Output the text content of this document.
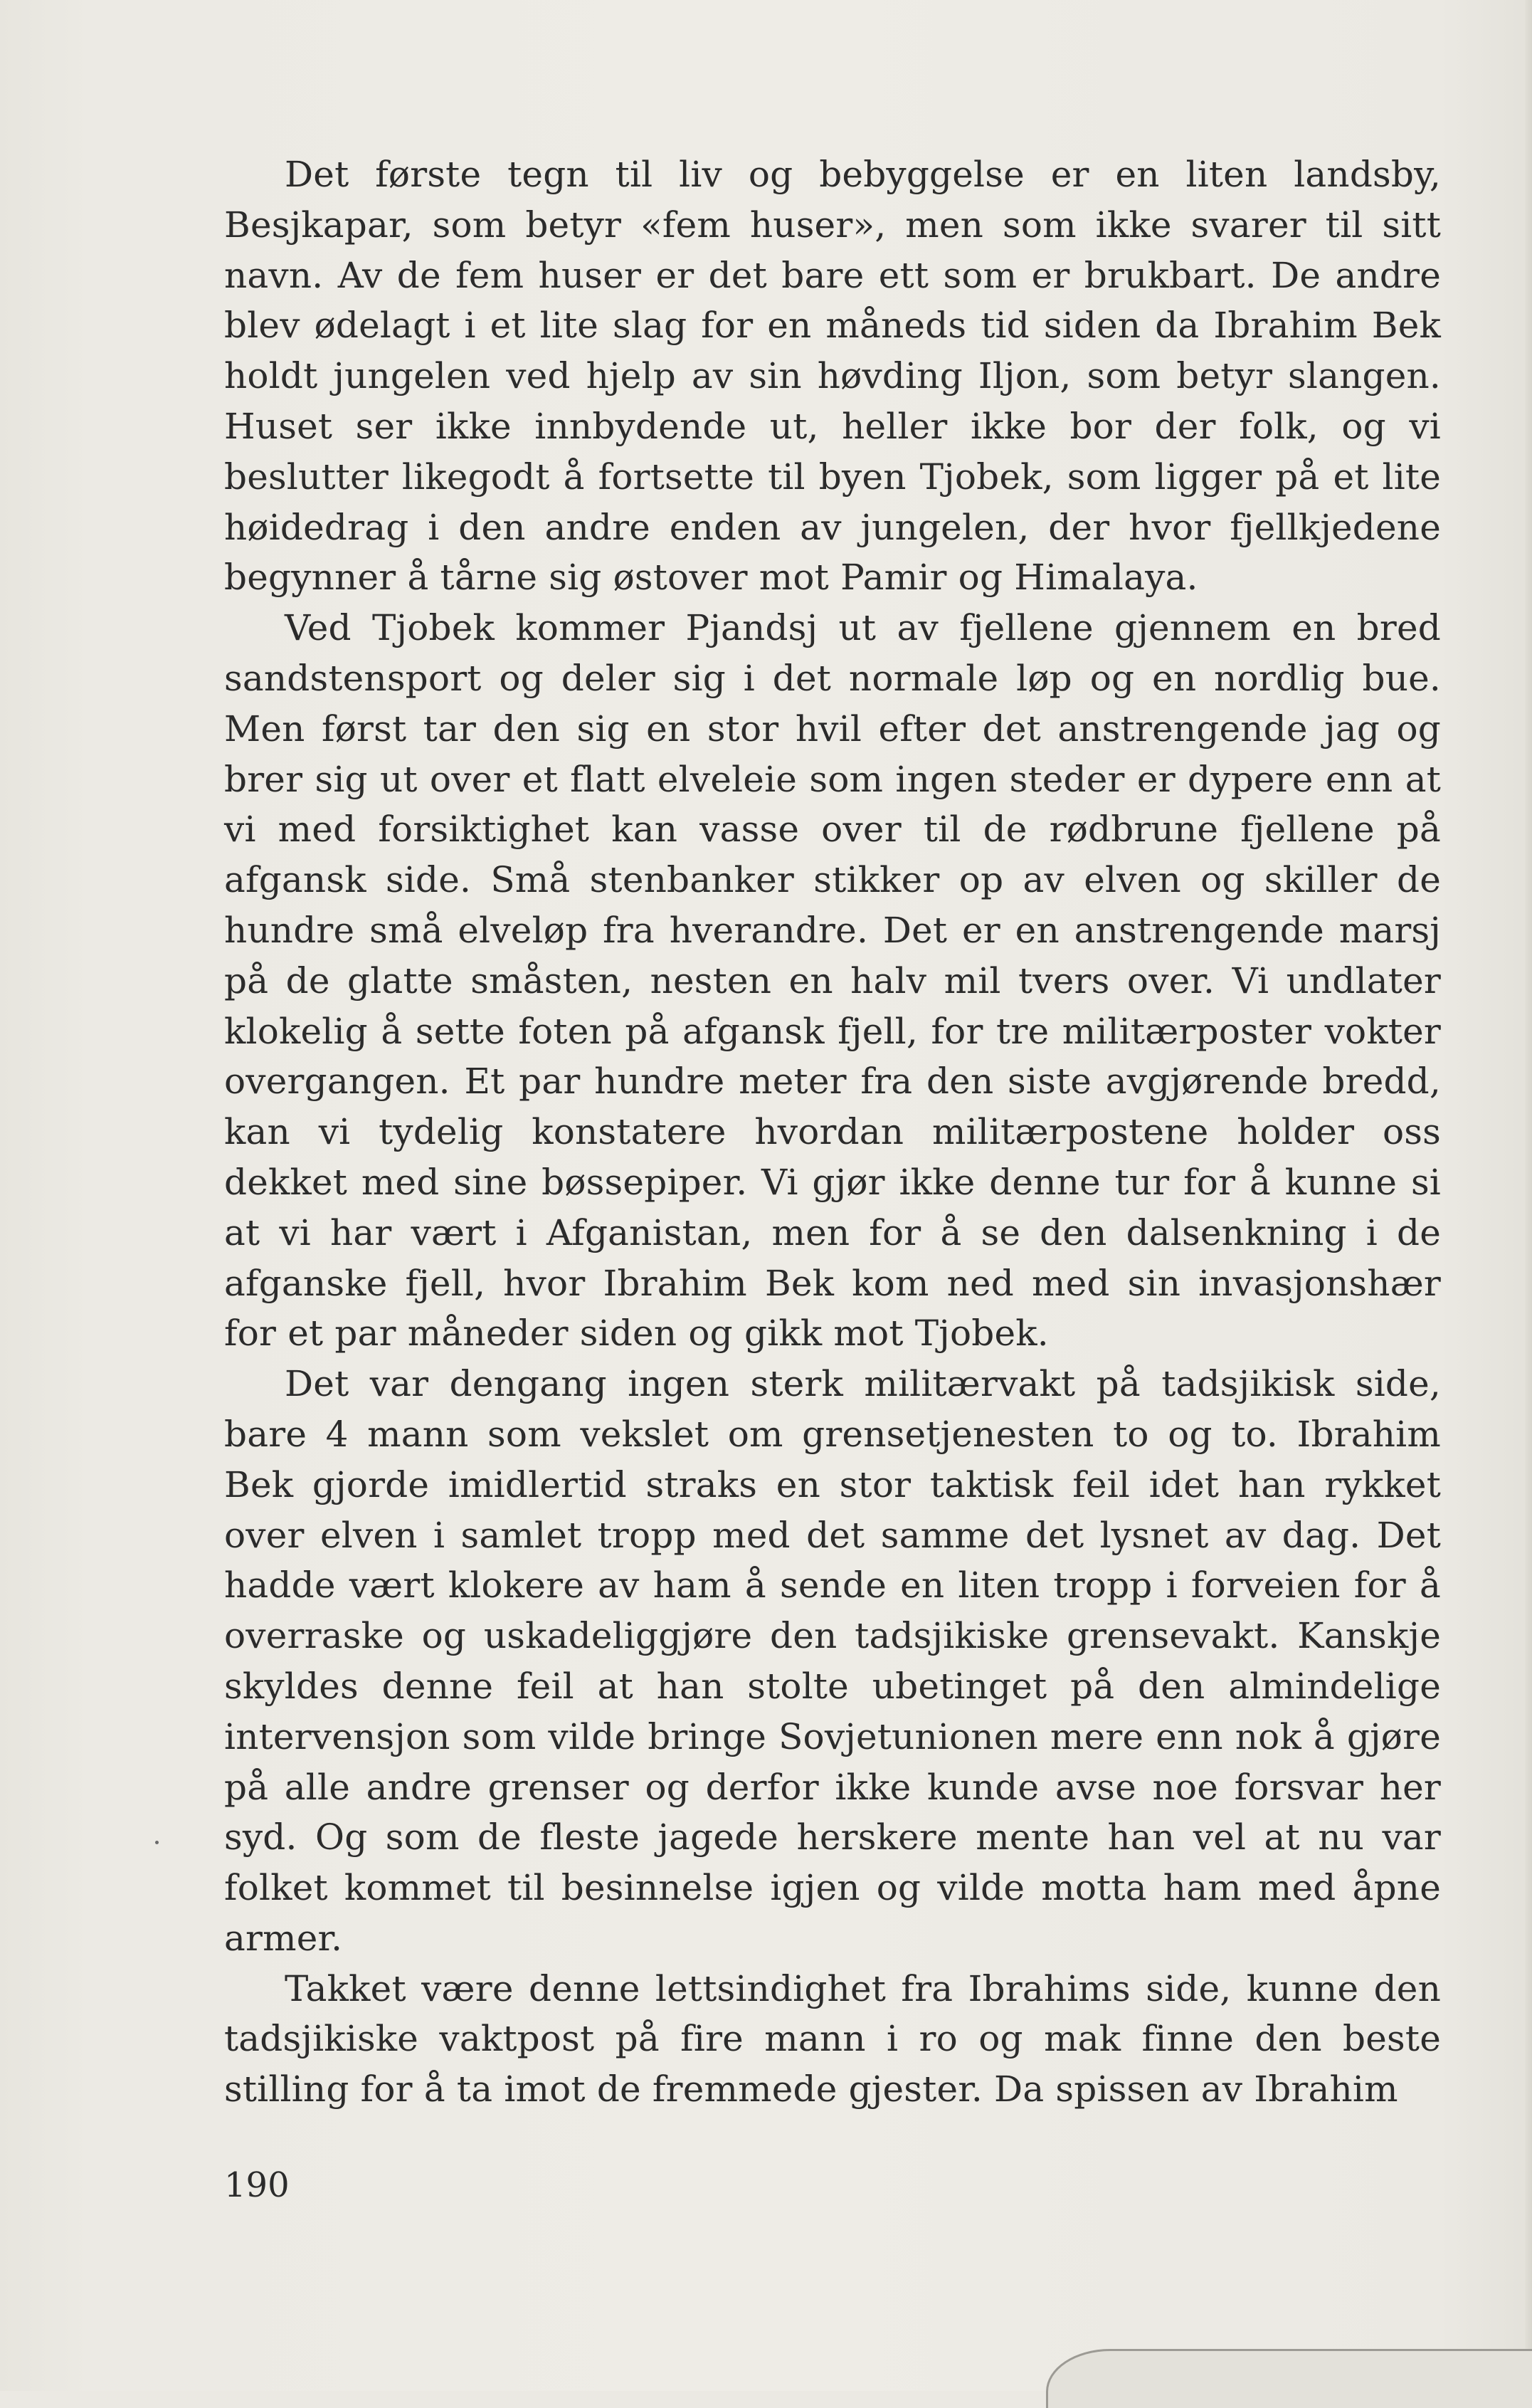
Det første tegn til liv og bebyggelse er en liten landsby, Besjkapar, som betyr «fem huser», men som ikke svarer til sitt navn. Av de fem huser er det bare ett som er brukbart. De andre blev ødelagt i et lite slag for en måneds tid siden da Ibrahim Bek holdt jungelen ved hjelp av sin høvding Iljon, som betyr slangen. Huset ser ikke innbydende ut, heller ikke bor der folk, og vi beslutter likegodt å fortsette til byen Tjobek, som ligger på et lite høidedrag i den andre enden av jungelen, der hvor fjellkjedene begynner å tårne sig østover mot Pamir og Himalaya.

Ved Tjobek kommer Pjandsj ut av fjellene gjennem en bred sandstensport og deler sig i det normale løp og en nordlig bue. Men først tar den sig en stor hvil efter det anstrengende jag og brer sig ut over et flatt elveleie som ingen steder er dypere enn at vi med forsiktighet kan vasse over til de rødbrune fjellene på afgansk side. Små stenbanker stikker op av elven og skiller de hundre små elveløp fra hverandre. Det er en anstrengende marsj på de glatte småsten, nesten en halv mil tvers over. Vi undlater klokelig å sette foten på afgansk fjell, for tre militærposter vokter overgangen. Et par hundre meter fra den siste avgjørende bredd, kan vi tydelig konstatere hvordan militærpostene holder oss dekket med sine bøssepiper. Vi gjør ikke denne tur for å kunne si at vi har vært i Afganistan, men for å se den dalsenkning i de afganske fjell, hvor Ibrahim Bek kom ned med sin invasjonshær for et par måneder siden og gikk mot Tjobek.

Det var dengang ingen sterk militærvakt på tadsjikisk side, bare 4 mann som vekslet om grensetjenesten to og to. Ibrahim Bek gjorde imidlertid straks en stor taktisk feil idet han rykket over elven i samlet tropp med det samme det lysnet av dag. Det hadde vært klokere av ham å sende en liten tropp i forveien for å overraske og uskadeliggjøre den tadsjikiske grensevakt. Kanskje skyldes denne feil at han stolte ubetinget på den almindelige intervensjon som vilde bringe Sovjetunionen mere enn nok å gjøre på alle andre grenser og derfor ikke kunde avse noe forsvar her syd. Og som de fleste jagede herskere mente han vel at nu var folket kommet til besinnelse igjen og vilde motta ham med åpne armer.

Takket være denne lettsindighet fra Ibrahims side, kunne den tadsjikiske vaktpost på fire mann i ro og mak finne den beste stilling for å ta imot de fremmede gjester. Da spissen av Ibrahim

190
